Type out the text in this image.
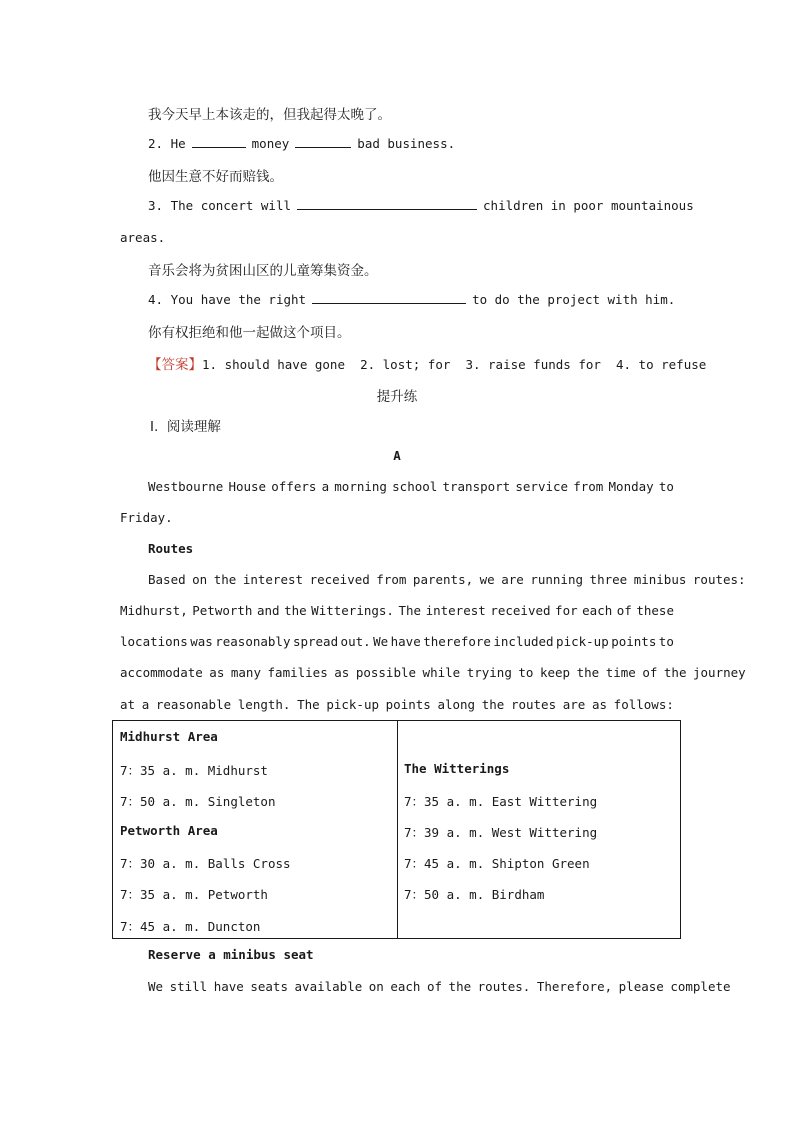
我今天早上本该走的，但我起得太晚了。
2. He	money	bad business.
他因生意不好而赔钱。
3. The concert will	children in poor mountainous
areas.
音乐会将为贫困山区的儿童筹集资金。
4. You have the right	to do the project with him.
你有权拒绝和他一起做这个项目。
【答案】1. should have gone 2. lost; for 3. raise funds for 4. to refuse
提升练
Ⅰ. 阅读理解
A
Westbourne House offers a morning school transport service from Monday to
Friday.
Routes
Based on the interest received from parents, we are running three minibus routes:
Midhurst, Petworth and the Witterings. The interest received for each of these
locations was reasonably spread out. We have therefore included pick-up points to
accommodate as many families as possible while trying to keep the time of the journey
at a reasonable length. The pick-up points along the routes are as follows:
Midhurst Area
7：35 a. m. Midhurst
7：50 a. m. Singleton
Petworth Area
7：30 a. m. Balls Cross
7：35 a. m. Petworth
7：45 a. m. Duncton
The Witterings
7：35 a. m. East Wittering
7：39 a. m. West Wittering
7：45 a. m. Shipton Green
7：50 a. m. Birdham
Reserve a minibus seat
We still have seats available on each of the routes. Therefore, please complete
